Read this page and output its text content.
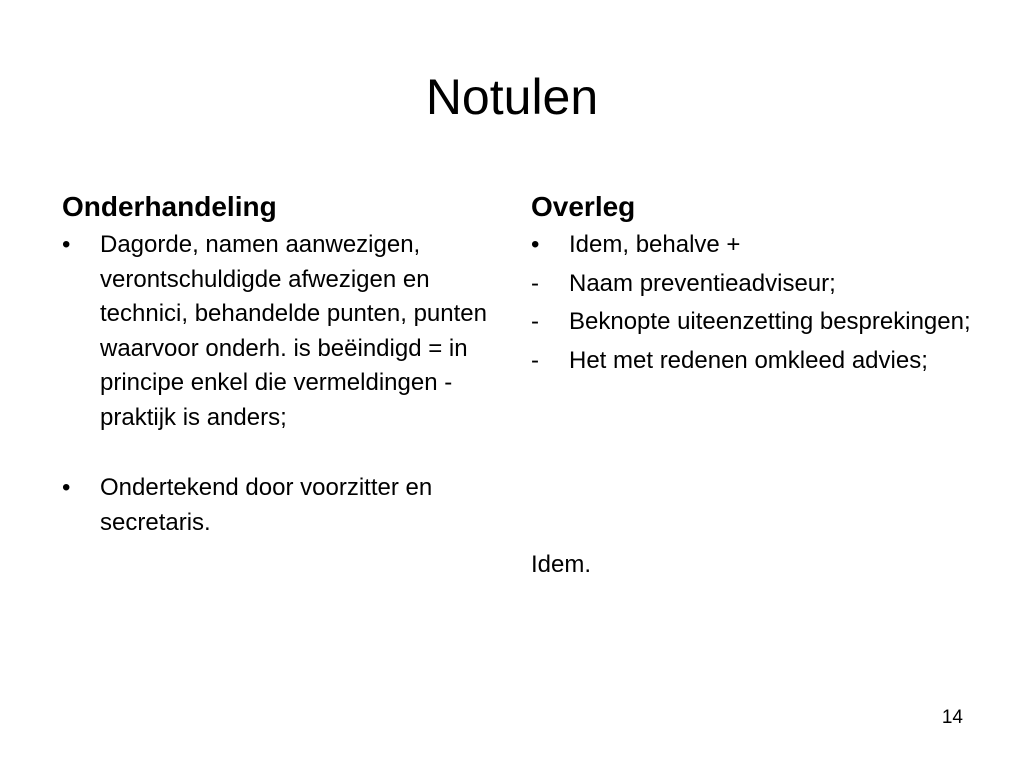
Notulen
Onderhandeling
•	Dagorde, namen aanwezigen, verontschuldigde afwezigen en technici, behandelde punten, punten waarvoor onderh. is beëindigd = in principe enkel die vermeldingen -praktijk is anders;
•	Ondertekend door voorzitter en secretaris.
Overleg
•	Idem, behalve +
-	Naam preventieadviseur;
-	Beknopte uiteenzetting besprekingen;
-	Het met redenen omkleed advies;
Idem.
14
